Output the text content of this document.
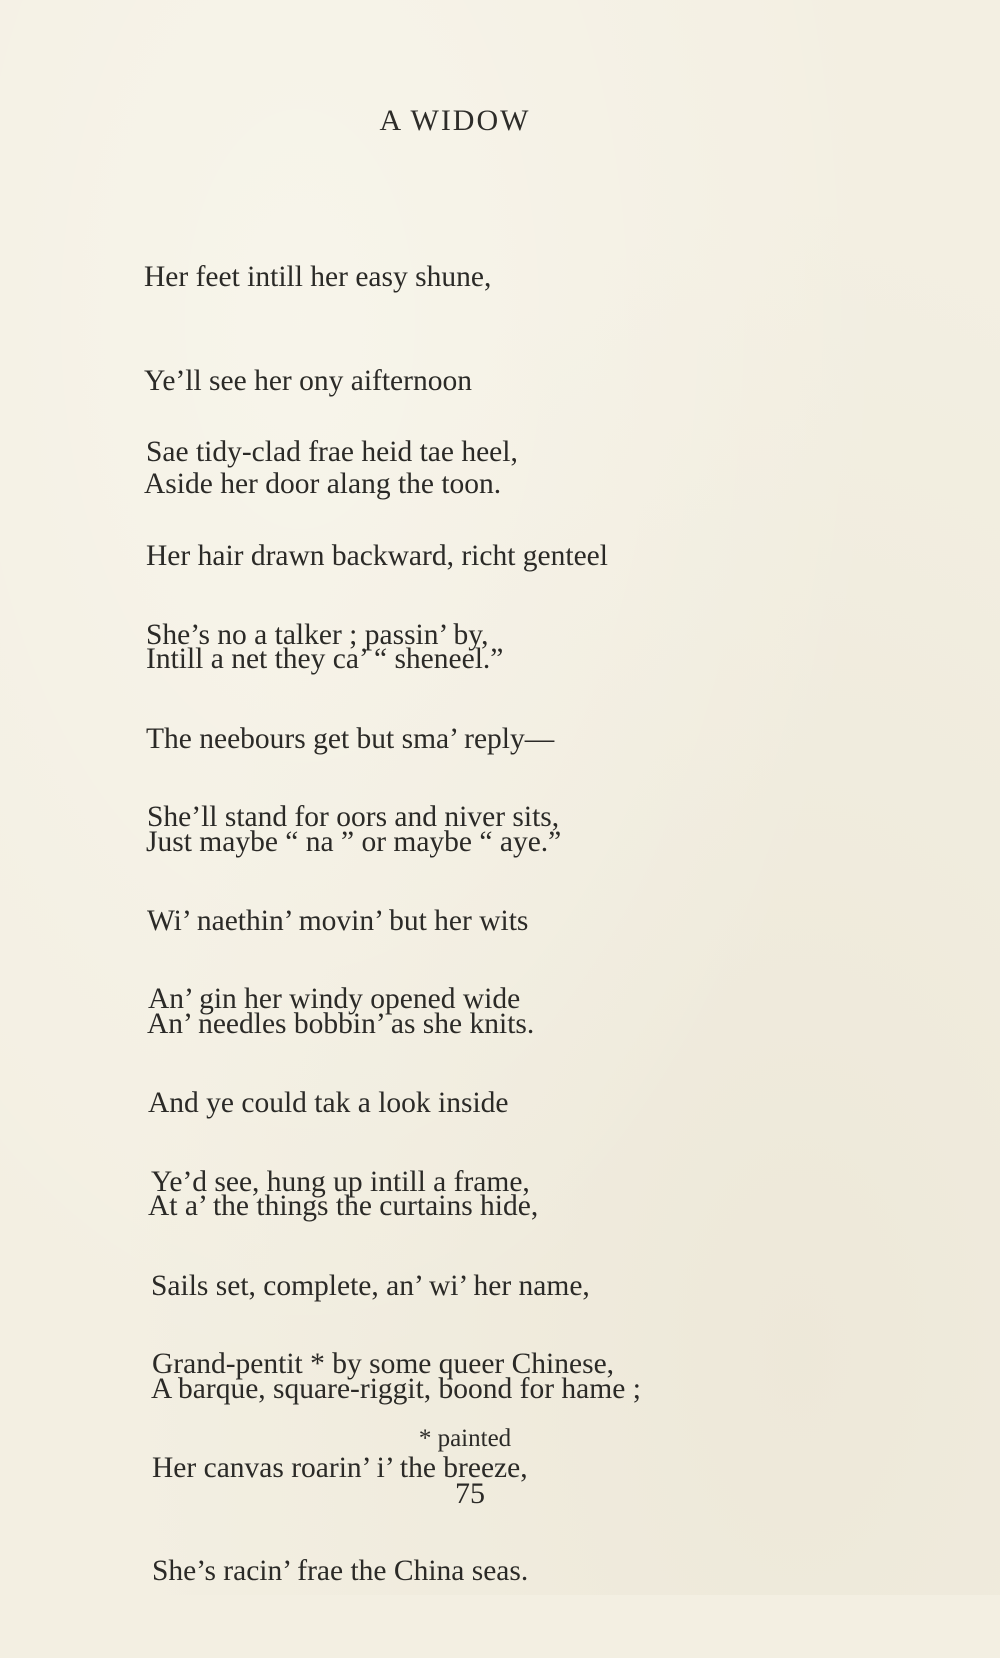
A WIDOW

Her feet intill her easy shune,

Ye’ll see her ony aifternoon

Aside her door alang the toon.

Sae tidy-clad frae heid tae heel,

Her hair drawn backward, richt genteel

Intill a net they ca’ “ sheneel.”

She’s no a talker ; passin’ by,

The neebours get but sma’ reply—

Just maybe “ na ” or maybe “ aye.”

She’ll stand for oors and niver sits,

Wi’ naethin’ movin’ but her wits

An’ needles bobbin’ as she knits.

An’ gin her windy opened wide

And ye could tak a look inside

At a’ the things the curtains hide,

Ye’d see, hung up intill a frame,

Sails set, complete, an’ wi’ her name,

A barque, square-riggit, boond for hame ;

Grand-pentit * by some queer Chinese,

Her canvas roarin’ i’ the breeze,

She’s racin’ frae the China seas.

* painted
75
